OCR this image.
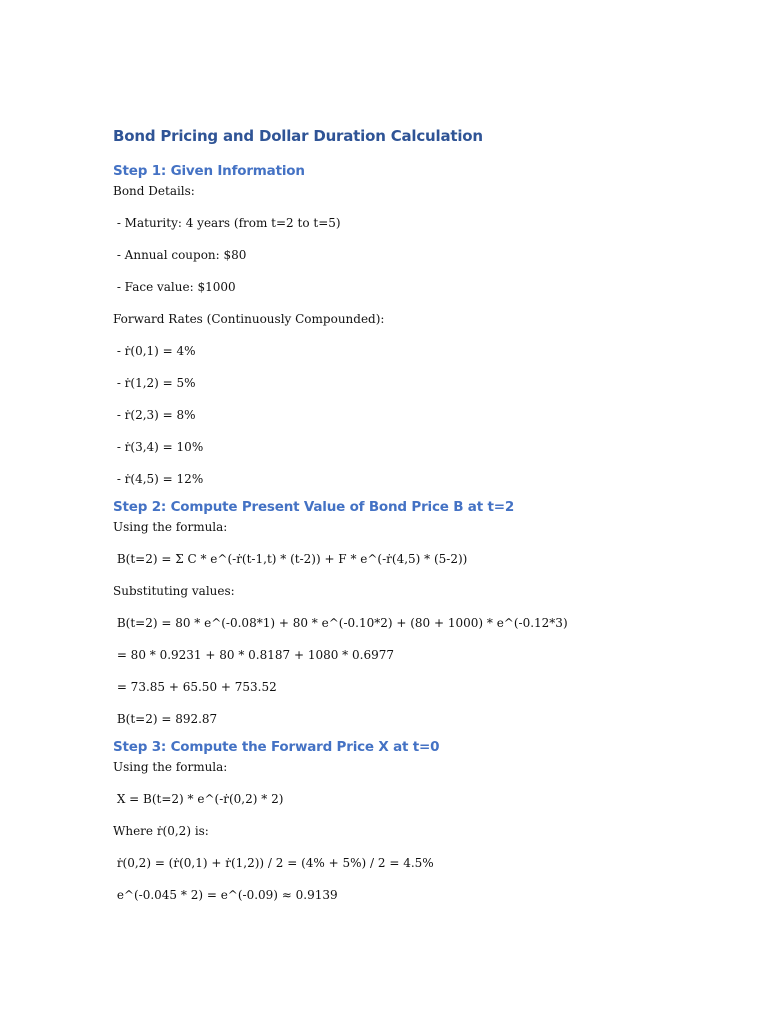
Bond Pricing and Dollar Duration Calculation
Step 1: Given Information

Bond Details:

- Maturity: 4 years (from t=2 to t=5)

- Annual coupon: $80

- Face value: $1000

Forward Rates (Continuously Compounded):

- ṙ(0,1) = 4%

- ṙ(1,2) = 5%

- ṙ(2,3) = 8%

- ṙ(3,4) = 10%

- ṙ(4,5) = 12%

Step 2: Compute Present Value of Bond Price B at t=2

Using the formula:

B(t=2) = Σ C * e^(-ṙ(t-1,t) * (t-2)) + F * e^(-ṙ(4,5) * (5-2))

Substituting values:

B(t=2) = 80 * e^(-0.08*1) + 80 * e^(-0.10*2) + (80 + 1000) * e^(-0.12*3)

= 80 * 0.9231 + 80 * 0.8187 + 1080 * 0.6977

= 73.85 + 65.50 + 753.52

B(t=2) = 892.87

Step 3: Compute the Forward Price X at t=0

Using the formula:

X = B(t=2) * e^(-ṙ(0,2) * 2)

Where ṙ(0,2) is:

ṙ(0,2) = (ṙ(0,1) + ṙ(1,2)) / 2 = (4% + 5%) / 2 = 4.5%

e^(-0.045 * 2) = e^(-0.09) ≈ 0.9139
